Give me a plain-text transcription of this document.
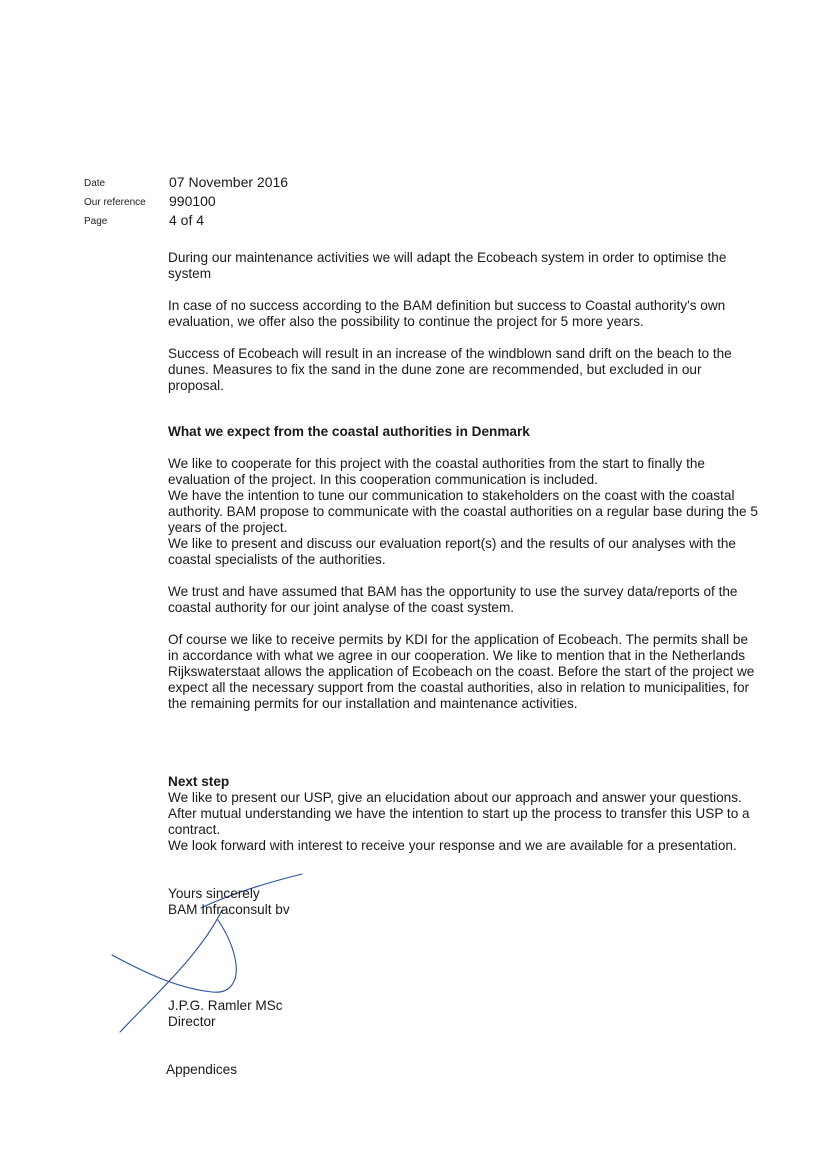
Date	07 November 2016
Our reference 990100
Page	4 of 4

During our maintenance activities we will adapt the Ecobeach system in order to optimise the system

In case of no success according to the BAM definition but success to Coastal authority's own evaluation, we offer also the possibility to continue the project for 5 more years.

Success of Ecobeach will result in an increase of the windblown sand drift on the beach to the dunes. Measures to fix the sand in the dune zone are recommended, but excluded in our proposal.

What we expect from the coastal authorities in Denmark

We like to cooperate for this project with the coastal authorities from the start to finally the evaluation of the project. In this cooperation communication is included.

We have the intention to tune our communication to stakeholders on the coast with the coastal authority. BAM propose to communicate with the coastal authorities on a regular base during the 5 years of the project.

We like to present and discuss our evaluation report(s) and the results of our analyses with the coastal specialists of the authorities.

We trust and have assumed that BAM has the opportunity to use the survey data/reports of the coastal authority for our joint analyse of the coast system.

Of course we like to receive permits by KDI for the application of Ecobeach. The permits shall be in accordance with what we agree in our cooperation. We like to mention that in the Netherlands Rijkswaterstaat allows the application of Ecobeach on the coast. Before the start of the project we expect all the necessary support from the coastal authorities, also in relation to municipalities, for the remaining permits for our installation and maintenance activities.

Next step

We like to present our USP, give an elucidation about our approach and answer your questions. After mutual understanding we have the intention to start up the process to transfer this USP to a contract.

We look forward with interest to receive your response and we are available for a presentation.

Yours sincerely
BAM Infraconsult bv
J.P.G. Ramler MSc
Director
Appendices
